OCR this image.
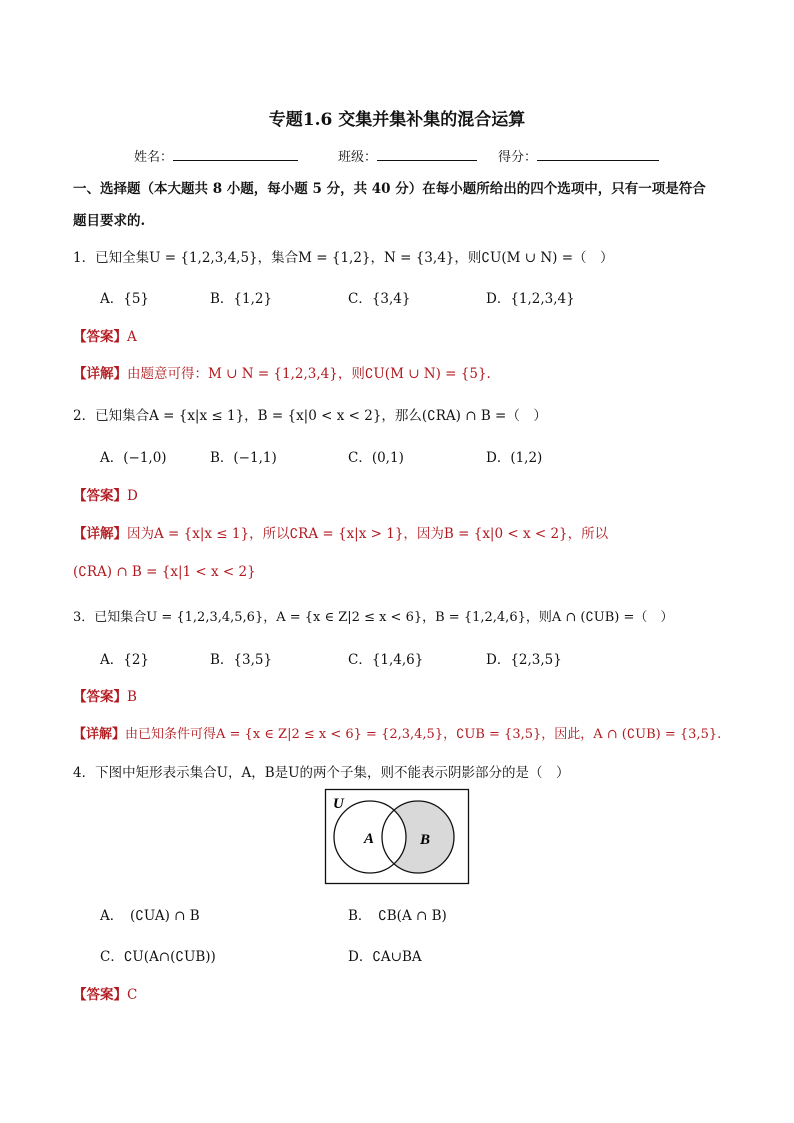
专题1.6 交集并集补集的混合运算
姓名：	班级：	得分：
一、选择题（本大题共 8 小题，每小题 5 分，共 40 分）在每小题所给出的四个选项中，只有一项是符合
题目要求的.
1．已知全集U = {1,2,3,4,5}，集合M = {1,2}，N = {3,4}，则∁U(M ∪ N) =（　）
A．{5}	B．{1,2}	C．{3,4}	D．{1,2,3,4}
【答案】A
【详解】由题意可得：M ∪ N = {1,2,3,4}，则∁U(M ∪ N) = {5}.
2．已知集合A = {x|x ≤ 1}，B = {x|0 < x < 2}，那么(∁RA) ∩ B =（　）
A．(−1,0)	B．(−1,1)	C．(0,1)	D．(1,2)
【答案】D
【详解】因为A = {x|x ≤ 1}，所以∁RA = {x|x > 1}，因为B = {x|0 < x < 2}，所以
(∁RA) ∩ B = {x|1 < x < 2}
3．已知集合U = {1,2,3,4,5,6}，A = {x ∈ Z|2 ≤ x < 6}，B = {1,2,4,6}，则A ∩ (∁UB) =（　）
A．{2}	B．{3,5}	C．{1,4,6}	D．{2,3,5}
【答案】B
【详解】由已知条件可得A = {x ∈ Z|2 ≤ x < 6} = {2,3,4,5}，∁UB = {3,5}，因此，A ∩ (∁UB) = {3,5}.
4．下图中矩形表示集合U，A，B是U的两个子集，则不能表示阴影部分的是（　）
U
A	B
A．　(∁UA) ∩ B	B．　∁B(A ∩ B)
C．∁U(A∩(∁UB))	D．∁A∪BA
【答案】C
